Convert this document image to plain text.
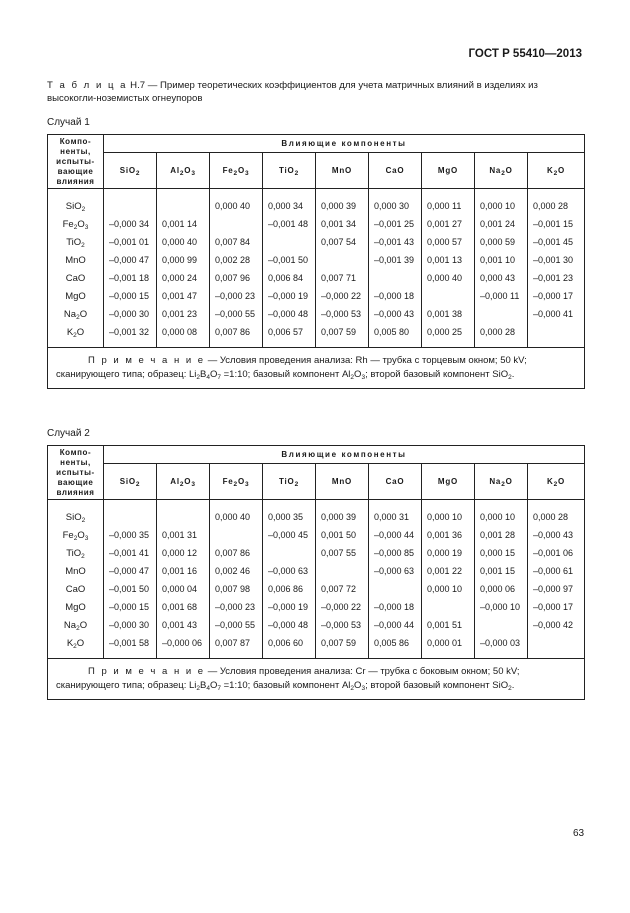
ГОСТ Р 55410—2013
Т а б л и ц а Н.7 — Пример теоретических коэффициентов для учета матричных влияний в изделиях из высокогли-ноземистых огнеупоров
Случай 1
Компо-
ненты,
испыты-
вающие
влияния	Влияющие компоненты								
	SiO$_2$	$Al_2O_3$	$Fe_2O_3$	TiO$_2$	MnO	CaO	MgO	$Na_2O$	$K_2O$
SiO$_2$			0,000 40	0,000 34	0,000 39	0,000 30	0,000 11	0,000 10	0,000 28
$Fe_2O_3$	–0,000 34	0,001 14		–0,001 48	0,001 34	–0,001 25	0,001 27	0,001 24	–0,001 15
TiO$_2$	–0,001 01	0,000 40	0,007 84		0,007 54	–0,001 43	0,000 57	0,000 59	–0,001 45
MnO	–0,000 47	0,000 99	0,002 28	–0,001 50		–0,001 39	0,001 13	0,001 10	–0,001 30
CaO	–0,001 18	0,000 24	0,007 96	0,006 84	0,007 71		0,000 40	0,000 43	–0,001 23
MgO	–0,000 15	0,001 47	–0,000 23	–0,000 19	–0,000 22	–0,000 18		–0,000 11	–0,000 17
$Na_2O$	–0,000 30	0,001 23	–0,000 55	–0,000 48	–0,000 53	–0,000 43	0,001 38		–0,000 41
$K_2O$	–0,001 32	0,000 08	0,007 86	0,006 57	0,007 59	0,005 80	0,000 25	0,000 28	
П р и м е ч а н и е — Условия проведения анализа: Rh — трубка с торцевым окном; 50 kV; сканирующего типа; образец: $Li_2B_4O_7$ =1:10; базовый компонент $Al_2O_3$; второй базовый компонент SiO$_2$.									
Случай 2
Компо-
ненты,
испыты-
вающие
влияния	Влияющие компоненты								
	SiO$_2$	$Al_2O_3$	$Fe_2O_3$	TiO$_2$	MnO	CaO	MgO	$Na_2O$	$K_2O$
SiO$_2$			0,000 40	0,000 35	0,000 39	0,000 31	0,000 10	0,000 10	0,000 28
$Fe_2O_3$	–0,000 35	0,001 31		–0,000 45	0,001 50	–0,000 44	0,001 36	0,001 28	–0,000 43
TiO$_2$	–0,001 41	0,000 12	0,007 86		0,007 55	–0,000 85	0,000 19	0,000 15	–0,001 06
MnO	–0,000 47	0,001 16	0,002 46	–0,000 63		–0,000 63	0,001 22	0,001 15	–0,000 61
CaO	–0,001 50	0,000 04	0,007 98	0,006 86	0,007 72		0,000 10	0,000 06	–0,000 97
MgO	–0,000 15	0,001 68	–0,000 23	–0,000 19	–0,000 22	–0,000 18		–0,000 10	–0,000 17
$Na_2O$	–0,000 30	0,001 43	–0,000 55	–0,000 48	–0,000 53	–0,000 44	0,001 51		–0,000 42
$K_2O$	–0,001 58	–0,000 06	0,007 87	0,006 60	0,007 59	0,005 86	0,000 01	–0,000 03	
П р и м е ч а н и е — Условия проведения анализа: Cr — трубка с боковым окном; 50 kV; сканирующего типа; образец: $Li_2B_4O_7$ =1:10; базовый компонент $Al_2O_3$; второй базовый компонент SiO$_2$.									
63
